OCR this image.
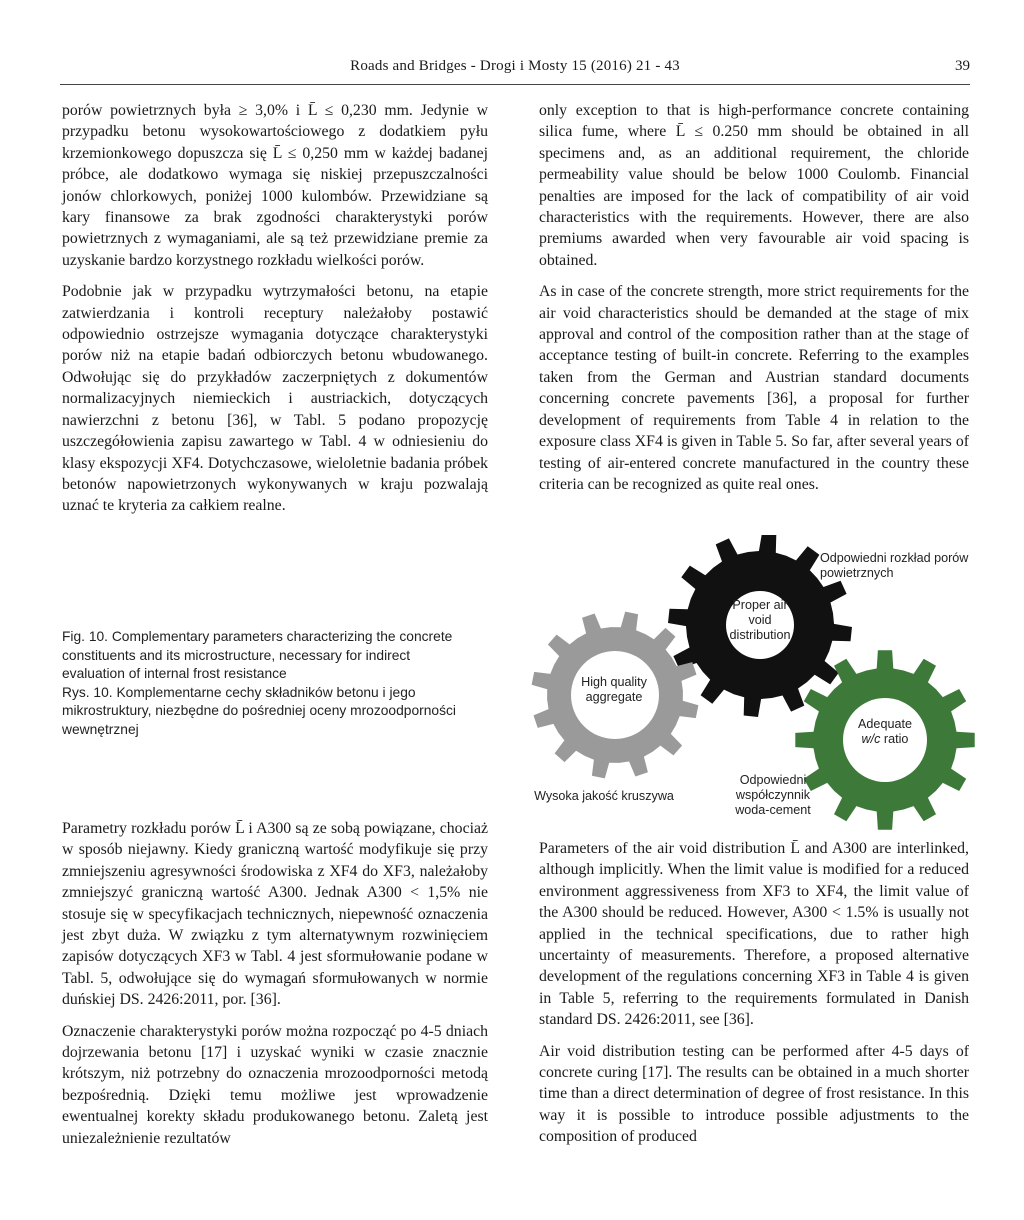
Roads and Bridges - Drogi i Mosty 15 (2016) 21 - 43	39

porów powietrznych była ≥ 3,0% i L̄ ≤ 0,230 mm. Jedynie w przypadku betonu wysokowartościowego z dodatkiem pyłu krzemionkowego dopuszcza się L̄ ≤ 0,250 mm w każdej badanej próbce, ale dodatkowo wymaga się niskiej przepuszczalności jonów chlorkowych, poniżej 1000 kulombów. Przewidziane są kary finansowe za brak zgodności charakterystyki porów powietrznych z wymaganiami, ale są też przewidziane premie za uzyskanie bardzo korzystnego rozkładu wielkości porów.

Podobnie jak w przypadku wytrzymałości betonu, na etapie zatwierdzania i kontroli receptury należałoby postawić odpowiednio ostrzejsze wymagania dotyczące charakterystyki porów niż na etapie badań odbiorczych betonu wbudowanego. Odwołując się do przykładów zaczerpniętych z dokumentów normalizacyjnych niemieckich i austriackich, dotyczących nawierzchni z betonu [36], w Tabl. 5 podano propozycję uszczegółowienia zapisu zawartego w Tabl. 4 w odniesieniu do klasy ekspozycji XF4. Dotychczasowe, wieloletnie badania próbek betonów napowietrzonych wykonywanych w kraju pozwalają uznać te kryteria za całkiem realne.

only exception to that is high-performance concrete containing silica fume, where L̄ ≤ 0.250 mm should be obtained in all specimens and, as an additional requirement, the chloride permeability value should be below 1000 Coulomb. Financial penalties are imposed for the lack of compatibility of air void characteristics with the requirements. However, there are also premiums awarded when very favourable air void spacing is obtained.

As in case of the concrete strength, more strict requirements for the air void characteristics should be demanded at the stage of mix approval and control of the composition rather than at the stage of acceptance testing of built-in concrete. Referring to the examples taken from the German and Austrian standard documents concerning concrete pavements [36], a proposal for further development of requirements from Table 4 in relation to the exposure class XF4 is given in Table 5. So far, after several years of testing of air-entered concrete manufactured in the country these criteria can be recognized as quite real ones.

Fig. 10. Complementary parameters characterizing the concrete
constituents and its microstructure, necessary for indirect
evaluation of internal frost resistance
Rys. 10. Komplementarne cechy składników betonu i jego
mikrostruktury, niezbędne do pośredniej oceny mrozoodporności
wewnętrznej
Odpowiedni rozkład porów powietrznych
Proper air void distribution
High quality aggregate
Adequate
w/c ratio
Wysoka jakość kruszywa
Odpowiedni współczynnik woda-cement

Parametry rozkładu porów L̄ i A300 są ze sobą powiązane, chociaż w sposób niejawny. Kiedy graniczną wartość modyfikuje się przy zmniejszeniu agresywności środowiska z XF4 do XF3, należałoby zmniejszyć graniczną wartość A300. Jednak A300 < 1,5% nie stosuje się w specyfikacjach technicznych, niepewność oznaczenia jest zbyt duża. W związku z tym alternatywnym rozwinięciem zapisów dotyczących XF3 w Tabl. 4 jest sformułowanie podane w Tabl. 5, odwołujące się do wymagań sformułowanych w normie duńskiej DS. 2426:2011, por. [36].

Oznaczenie charakterystyki porów można rozpocząć po 4-5 dniach dojrzewania betonu [17] i uzyskać wyniki w czasie znacznie krótszym, niż potrzebny do oznaczenia mrozoodporności metodą bezpośrednią. Dzięki temu możliwe jest wprowadzenie ewentualnej korekty składu produkowanego betonu. Zaletą jest uniezależnienie rezultatów

Parameters of the air void distribution L̄ and A300 are interlinked, although implicitly. When the limit value is modified for a reduced environment aggressiveness from XF3 to XF4, the limit value of the A300 should be reduced. However, A300 < 1.5% is usually not applied in the technical specifications, due to rather high uncertainty of measurements. Therefore, a proposed alternative development of the regulations concerning XF3 in Table 4 is given in Table 5, referring to the requirements formulated in Danish standard DS. 2426:2011, see [36].

Air void distribution testing can be performed after 4-5 days of concrete curing [17]. The results can be obtained in a much shorter time than a direct determination of degree of frost resistance. In this way it is possible to introduce possible adjustments to the composition of produced
